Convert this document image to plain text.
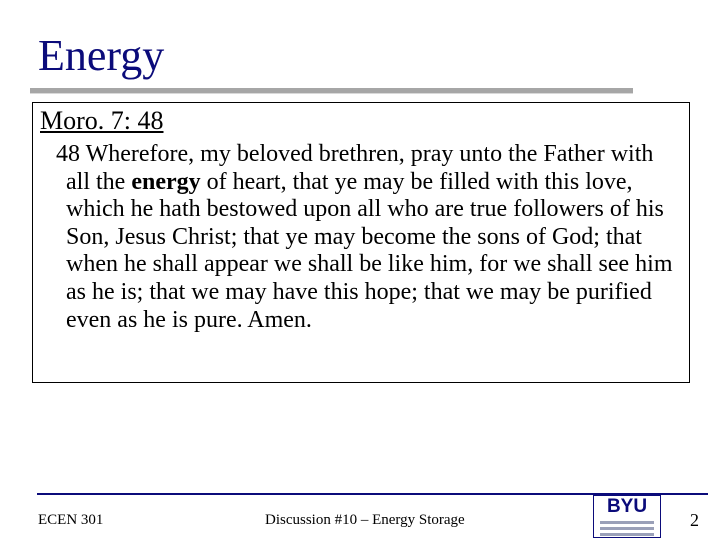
Energy
Moro. 7: 48
48 Wherefore, my beloved brethren, pray unto the Father with all the energy of heart, that ye may be filled with this love, which he hath bestowed upon all who are true followers of his Son, Jesus Christ; that ye may become the sons of God; that when he shall appear we shall be like him, for we shall see him as he is; that we may have this hope; that we may be purified even as he is pure. Amen.
ECEN 301	Discussion #10 – Energy Storage
BYU
2
